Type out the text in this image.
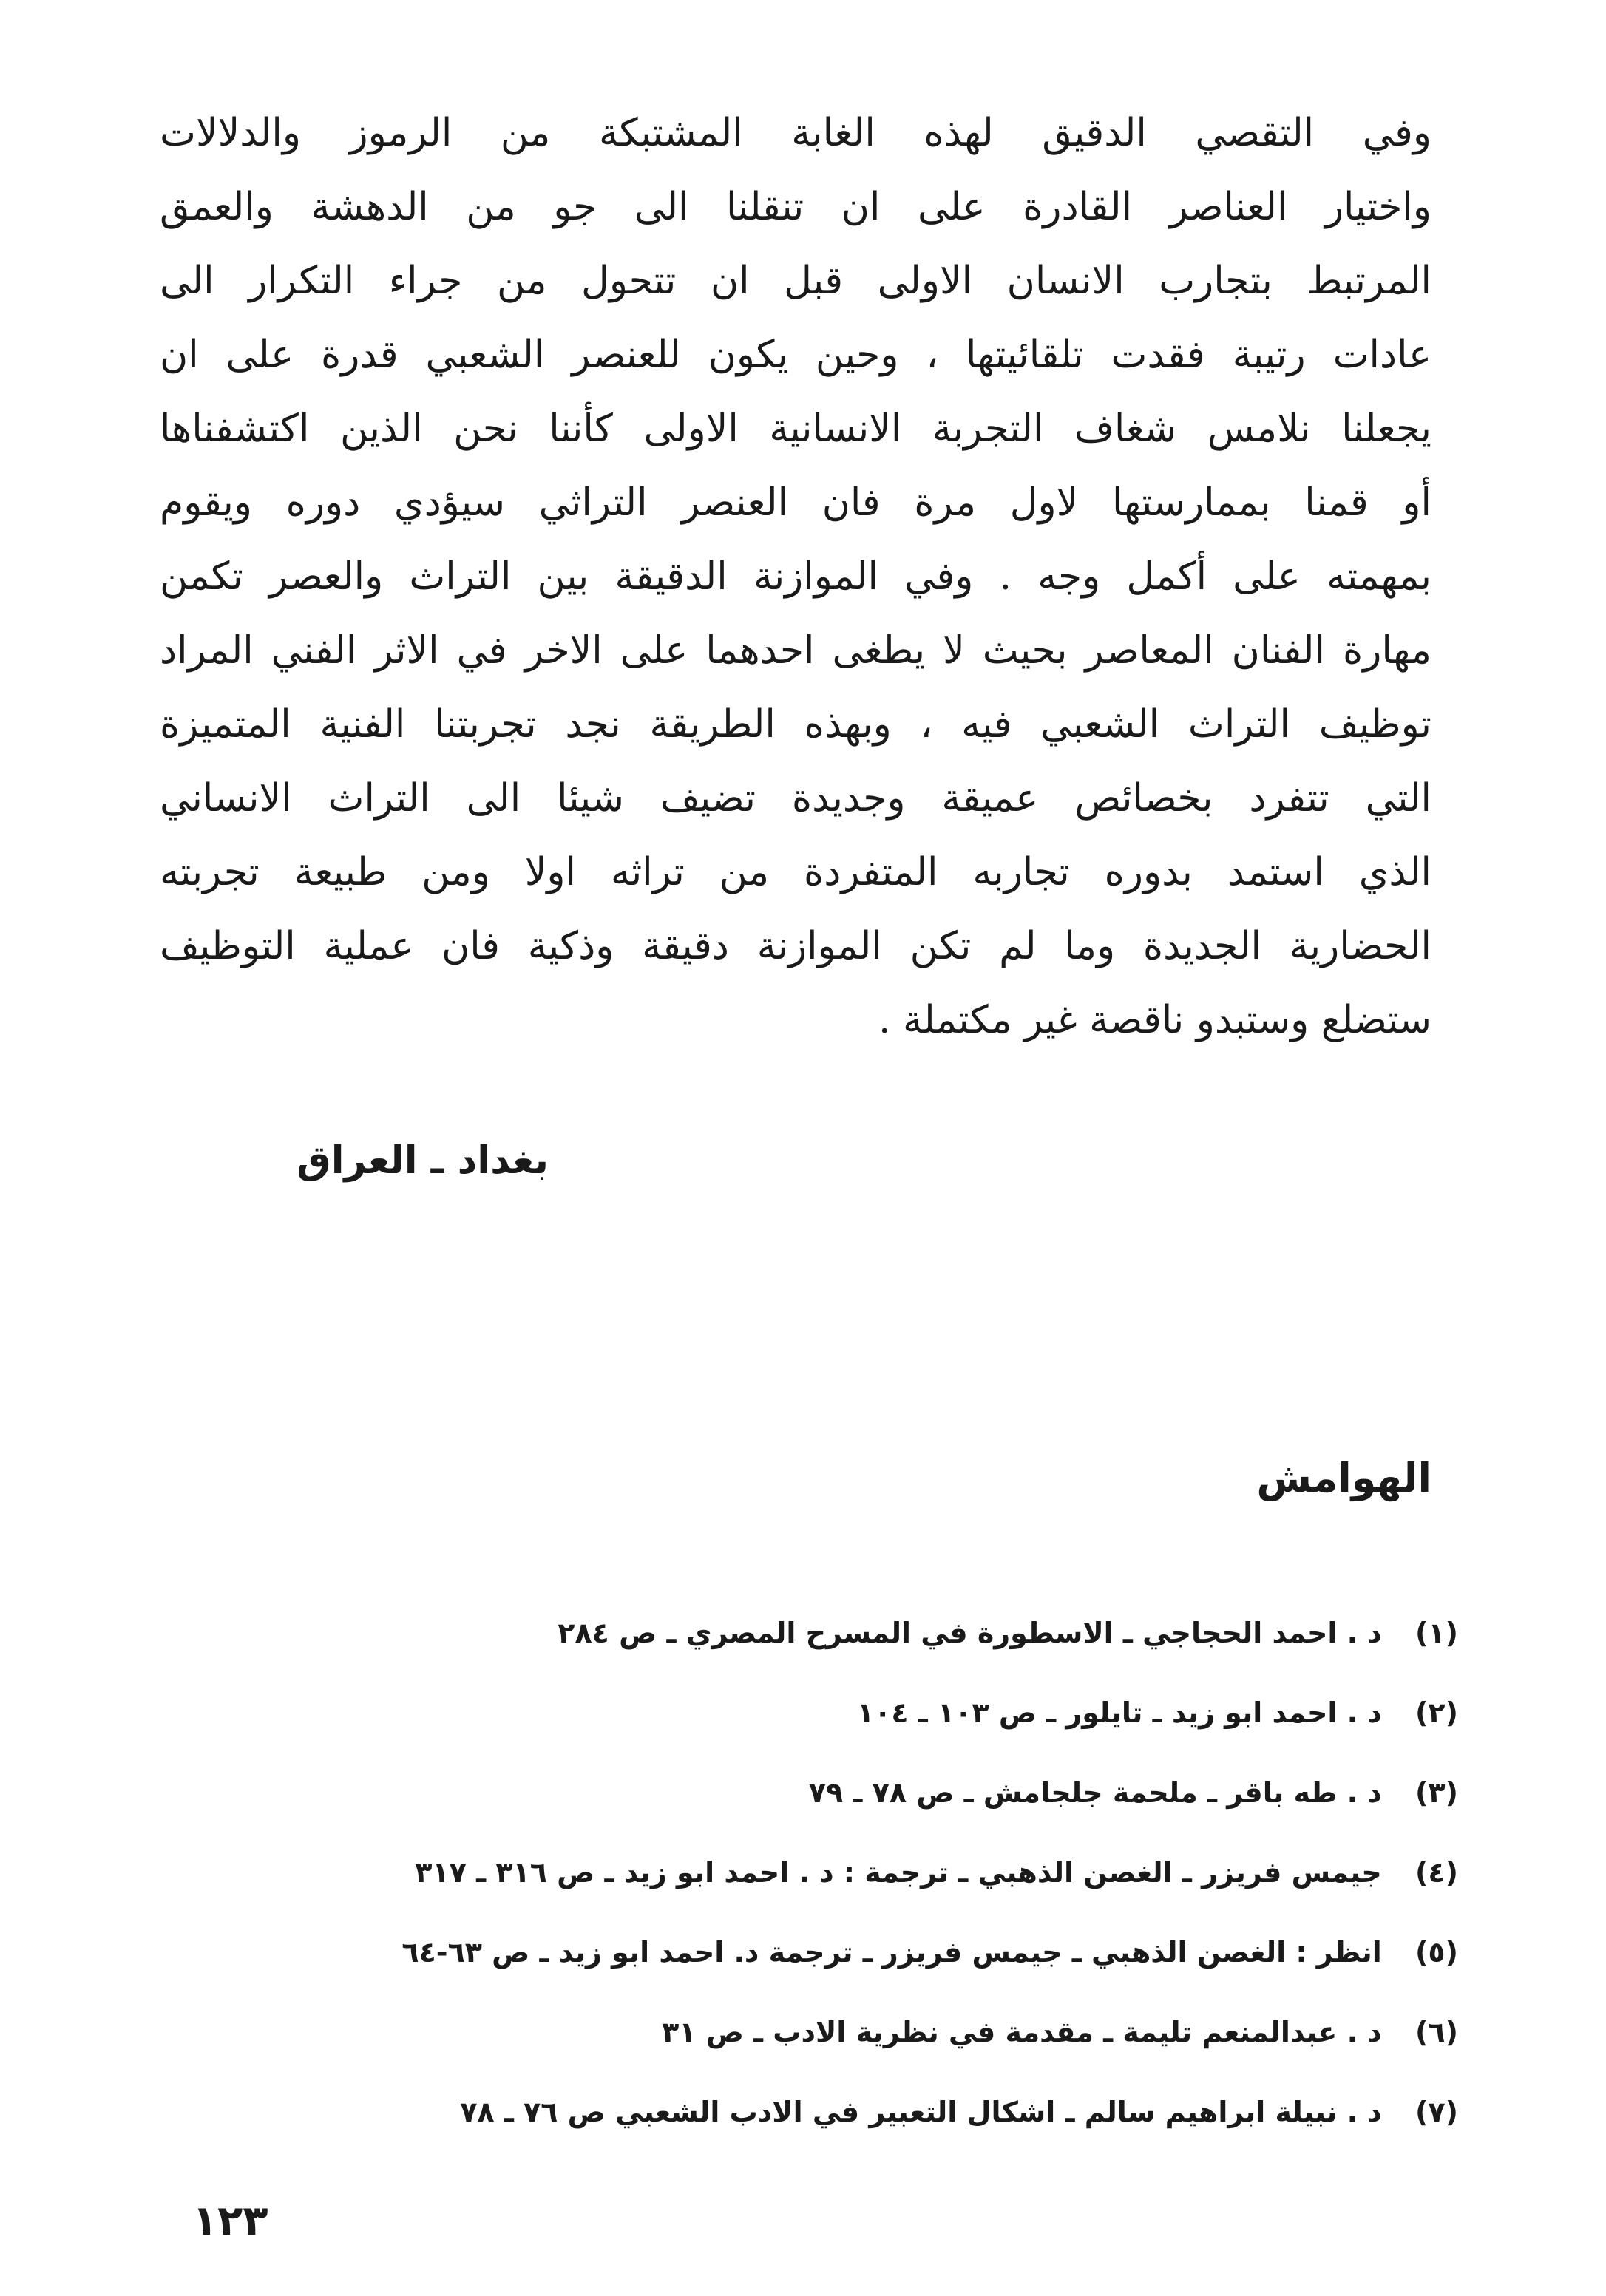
وفي التقصي الدقيق لهذه الغابة المشتبكة من الرموز والدلالات
واختيار العناصر القادرة على ان تنقلنا الى جو من الدهشة والعمق
المرتبط بتجارب الانسان الاولى قبل ان تتحول من جراء التكرار الى
عادات رتيبة فقدت تلقائيتها ، وحين يكون للعنصر الشعبي قدرة على ان
يجعلنا نلامس شغاف التجربة الانسانية الاولى كأننا نحن الذين اكتشفناها
أو قمنا بممارستها لاول مرة فان العنصر التراثي سيؤدي دوره ويقوم
بمهمته على أكمل وجه . وفي الموازنة الدقيقة بين التراث والعصر تكمن
مهارة الفنان المعاصر بحيث لا يطغى احدهما على الاخر في الاثر الفني المراد
توظيف التراث الشعبي فيه ، وبهذه الطريقة نجد تجربتنا الفنية المتميزة
التي تتفرد بخصائص عميقة وجديدة تضيف شيئا الى التراث الانساني
الذي استمد بدوره تجاربه المتفردة من تراثه اولا ومن طبيعة تجربته
الحضارية الجديدة وما لم تكن الموازنة دقيقة وذكية فان عملية التوظيف
ستضلع وستبدو ناقصة غير مكتملة .
بغداد ـ العراق
الهوامش
(١) د . احمد الحجاجي ـ الاسطورة في المسرح المصري ـ ص ٢٨٤
(٢) د . احمد ابو زيد ـ تايلور ـ ص ١٠٣ ـ ١٠٤
(٣) د . طه باقر ـ ملحمة جلجامش ـ ص ٧٨ ـ ٧٩
(٤) جيمس فريزر ـ الغصن الذهبي ـ ترجمة : د . احمد ابو زيد ـ ص ٣١٦ ـ ٣١٧
(٥) انظر : الغصن الذهبي ـ جيمس فريزر ـ ترجمة د. احمد ابو زيد ـ ص ٦٣-٦٤
(٦) د . عبدالمنعم تليمة ـ مقدمة في نظرية الادب ـ ص ٣١
(٧) د . نبيلة ابراهيم سالم ـ اشكال التعبير في الادب الشعبي ص ٧٦ ـ ٧٨
١٢٣
